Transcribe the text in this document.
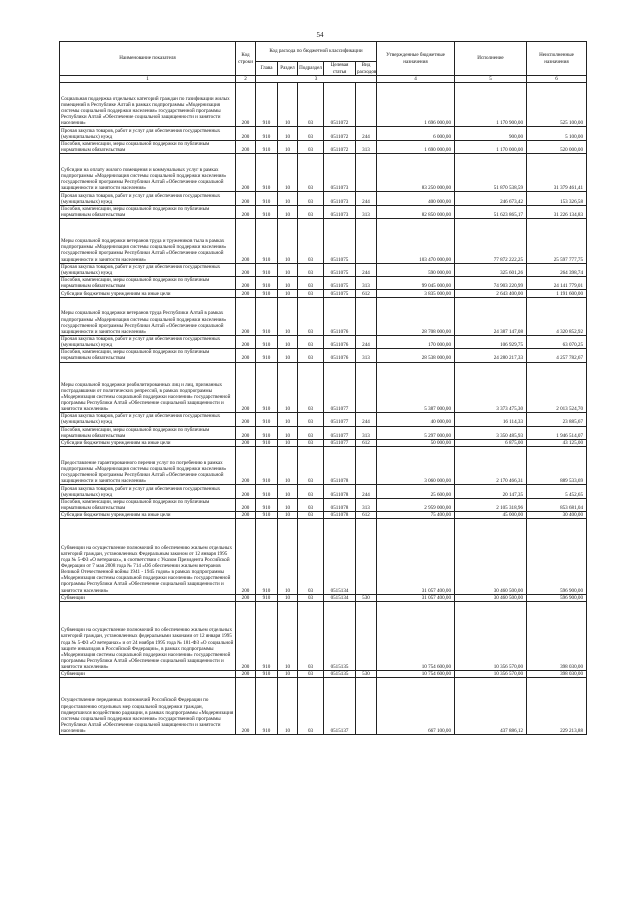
54
Наименование показателя	Код строки	Код расхода по бюджетной классификации					Утвержденные бюджетные назначения	Исполнение	Неисполненные назначения
		Глава	Раздел	Подраздел	Целевая статья	Вид расходов			
1	2	3					4	5	6
Социальная поддержка отдельных категорий граждан по газификации жилых помещений в Республике Алтай в рамках подпрограммы «Модернизация системы социальной поддержки населения» государственной программы Республики Алтай «Обеспечение социальной защищенности и занятости населения»	200	910	10	03	0511072		1 696 000,00	1 170 900,00	525 100,00
Прочая закупка товаров, работ и услуг для обеспечения государственных (муниципальных) нужд	200	910	10	03	0511072	244	6 000,00	900,00	5 100,00
Пособия, компенсации, меры социальной поддержки по публичным нормативным обязательствам	200	910	10	03	0511072	313	1 690 000,00	1 170 000,00	520 000,00
Субсидии на оплату жилого помещения и коммунальных услуг в рамках подпрограммы «Модернизация системы социальной поддержки населения» государственной программы Республики Алтай «Обеспечение социальной защищенности и занятости населения»	200	910	10	03	0511073		83 250 000,00	51 870 538,59	31 379 461,41
Прочая закупка товаров, работ и услуг для обеспечения государственных (муниципальных) нужд	200	910	10	03	0511073	244	400 000,00	246 673,42	153 326,58
Пособия, компенсации, меры социальной поддержки по публичным нормативным обязательствам	200	910	10	03	0511073	313	82 850 000,00	51 623 865,17	31 226 134,83
Меры социальной поддержки ветеранов труда и тружеников тыла в рамках подпрограммы «Модернизация системы социальной поддержки населения» государственной программы Республики Алтай «Обеспечение социальной защищенности и занятости населения»	200	910	10	03	0511075		103 470 000,00	77 872 222,25	25 597 777,75
Прочая закупка товаров, работ и услуг для обеспечения государственных (муниципальных) нужд	200	910	10	03	0511075	244	590 000,00	325 601,26	264 398,74
Пособия, компенсации, меры социальной поддержки по публичным нормативным обязательствам	200	910	10	03	0511075	313	99 045 000,00	74 903 220,99	24 141 779,01
Субсидии бюджетным учреждениям на иные цели	200	910	10	03	0511075	612	3 835 000,00	2 643 400,00	1 191 600,00
Меры социальной поддержки ветеранов труда Республики Алтай в рамках подпрограммы «Модернизация системы социальной поддержки населения» государственной программы Республики Алтай «Обеспечение социальной защищенности и занятости населения»	200	910	10	03	0511076		28 708 000,00	24 387 147,08	4 320 852,92
Прочая закупка товаров, работ и услуг для обеспечения государственных (муниципальных) нужд	200	910	10	03	0511076	244	170 000,00	106 929,75	63 070,25
Пособия, компенсации, меры социальной поддержки по публичным нормативным обязательствам	200	910	10	03	0511076	313	28 538 000,00	24 280 217,33	4 257 782,67
Меры социальной поддержки реабилитированных лиц и лиц, признанных пострадавшими от политических репрессий, в рамках подпрограммы «Модернизация системы социальной поддержки населения» государственной программы Республики Алтай «Обеспечение социальной защищенности и занятости населения»	200	910	10	03	0511077		5 387 000,00	3 373 475,30	2 013 524,70
Прочая закупка товаров, работ и услуг для обеспечения государственных (муниципальных) нужд	200	910	10	03	0511077	244	40 000,00	16 114,33	23 885,67
Пособия, компенсации, меры социальной поддержки по публичным нормативным обязательствам	200	910	10	03	0511077	313	5 297 000,00	3 350 485,93	1 946 514,07
Субсидии бюджетным учреждениям на иные цели	200	910	10	03	0511077	612	50 000,00	6 875,00	43 125,00
Предоставление гарантированного перечня услуг по погребению в рамках подпрограммы «Модернизация системы социальной поддержки населения» государственной программы Республики Алтай «Обеспечение социальной защищенности и занятости населения»	200	910	10	03	0511078		3 060 000,00	2 170 466,31	889 533,69
Прочая закупка товаров, работ и услуг для обеспечения государственных (муниципальных) нужд	200	910	10	03	0511078	244	25 600,00	20 147,35	5 452,65
Пособия, компенсации, меры социальной поддержки по публичным нормативным обязательствам	200	910	10	03	0511078	313	2 959 000,00	2 105 318,96	853 681,04
Субсидии бюджетным учреждениям на иные цели	200	910	10	03	0511078	612	75 400,00	45 000,00	30 400,00
Субвенции на осуществление полномочий по обеспечению жильем отдельных категорий граждан, установленных Федеральным законом от 12 января 1995 года № 5-ФЗ «О ветеранах», в соответствии с Указом Президента Российской Федерации от 7 мая 2008 года № 714 «Об обеспечении жильем ветеранов Великой Отечественной войны 1941 - 1945 годов» в рамках подпрограммы «Модернизация системы социальной поддержки населения» государственной программы Республики Алтай «Обеспечение социальной защищенности и занятости населения»	200	910	10	03	0515134		31 057 400,00	30 460 500,00	596 900,00
Субвенции	200	910	10	03	0515134	530	31 057 400,00	30 460 500,00	596 900,00
Субвенции на осуществление полномочий по обеспечению жильем отдельных категорий граждан, установленных федеральными законами от 12 января 1995 года № 5-ФЗ «О ветеранах» и от 24 ноября 1995 года № 181-ФЗ «О социальной защите инвалидов в Российской Федерации», в рамках подпрограммы «Модернизация системы социальной поддержки населения» государственной программы Республики Алтай «Обеспечение социальной защищенности и занятости населения»	200	910	10	03	0515135		10 754 600,00	10 356 570,00	398 030,00
Субвенции	200	910	10	03	0515135	530	10 754 600,00	10 356 570,00	398 030,00
Осуществление переданных полномочий Российской Федерации по предоставлению отдельных мер социальной поддержки граждан, подвергшихся воздействию радиации, в рамках подпрограммы «Модернизация системы социальной поддержки населения» государственной программы Республики Алтай «Обеспечение социальной защищенности и занятости населения»	200	910	10	03	0515137		667 100,00	437 886,12	229 213,88
